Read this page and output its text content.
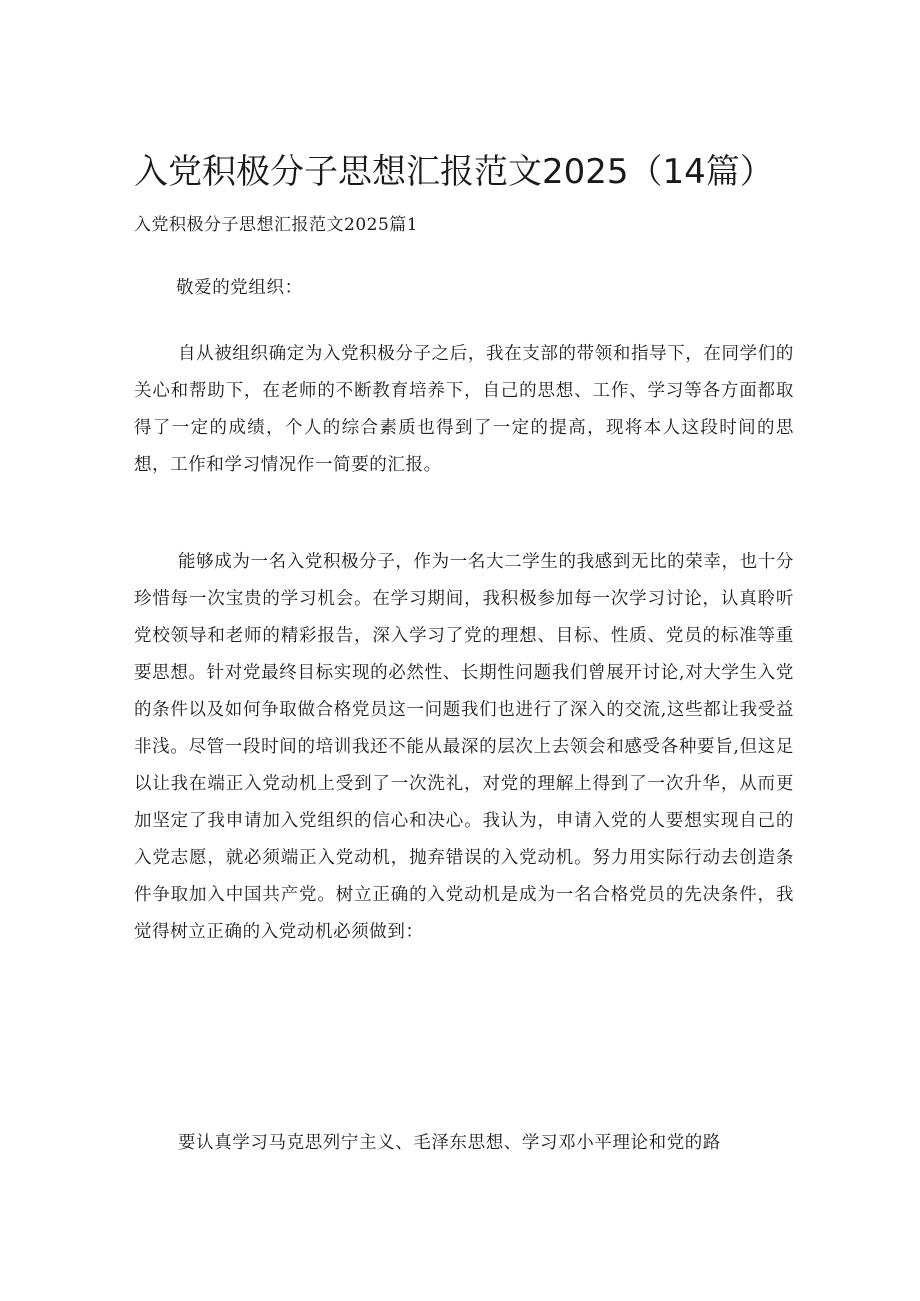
入党积极分子思想汇报范文2025（14篇）
入党积极分子思想汇报范文2025篇1

敬爱的党组织：

自从被组织确定为入党积极分子之后，我在支部的带领和指导下，在同学们的关心和帮助下，在老师的不断教育培养下，自己的思想、工作、学习等各方面都取得了一定的成绩，个人的综合素质也得到了一定的提高，现将本人这段时间的思想，工作和学习情况作一简要的汇报。

能够成为一名入党积极分子，作为一名大二学生的我感到无比的荣幸，也十分珍惜每一次宝贵的学习机会。在学习期间，我积极参加每一次学习讨论，认真聆听党校领导和老师的精彩报告，深入学习了党的理想、目标、性质、党员的标准等重要思想。针对党最终目标实现的必然性、长期性问题我们曾展开讨论,对大学生入党的条件以及如何争取做合格党员这一问题我们也进行了深入的交流,这些都让我受益非浅。尽管一段时间的培训我还不能从最深的层次上去领会和感受各种要旨,但这足以让我在端正入党动机上受到了一次洗礼，对党的理解上得到了一次升华，从而更加坚定了我申请加入党组织的信心和决心。我认为，申请入党的人要想实现自己的入党志愿，就必须端正入党动机，抛弃错误的入党动机。努力用实际行动去创造条件争取加入中国共产党。树立正确的入党动机是成为一名合格党员的先决条件，我觉得树立正确的入党动机必须做到：

要认真学习马克思列宁主义、毛泽东思想、学习邓小平理论和党的路
